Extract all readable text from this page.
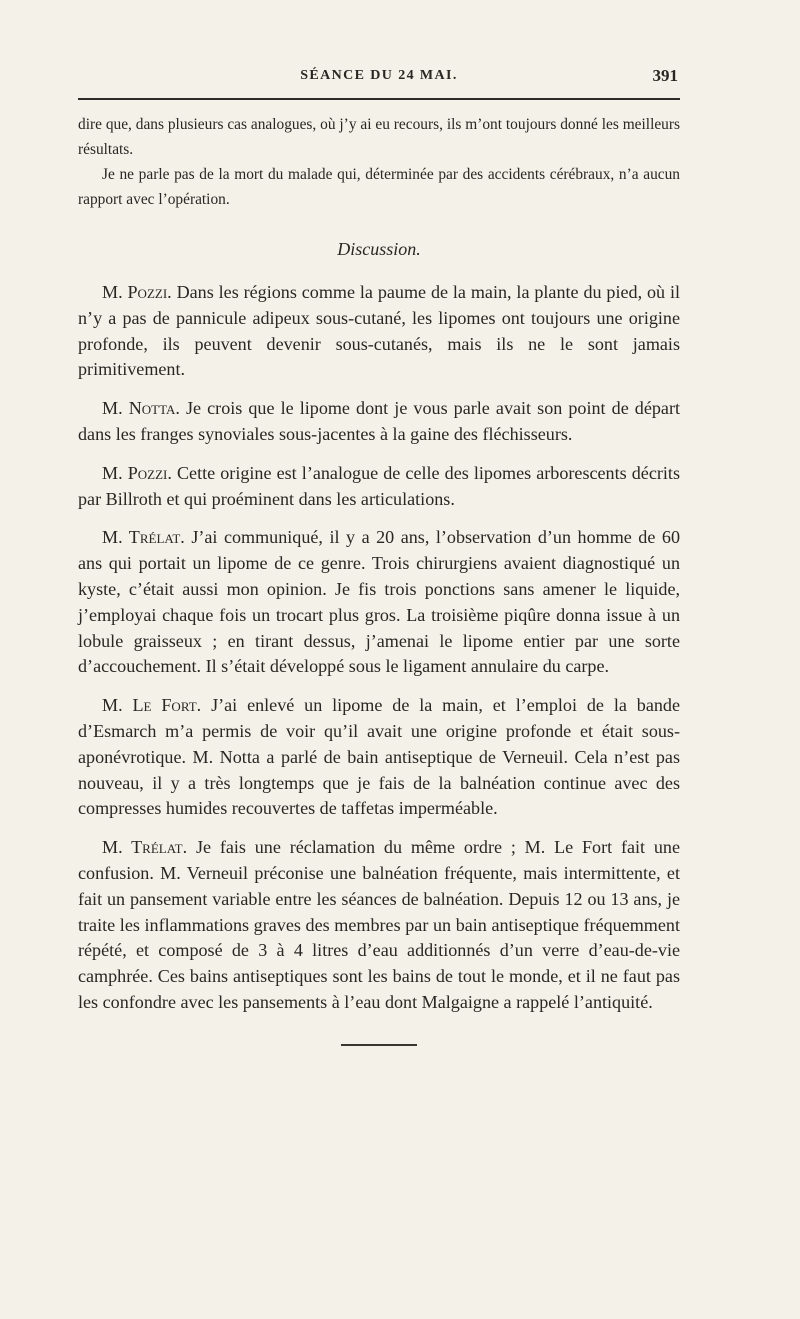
SÉANCE DU 24 MAI.	391

dire que, dans plusieurs cas analogues, où j’y ai eu recours, ils m’ont toujours donné les meilleurs résultats.

Je ne parle pas de la mort du malade qui, déterminée par des accidents cérébraux, n’a aucun rapport avec l’opération.

Discussion.

M. Pozzi. Dans les régions comme la paume de la main, la plante du pied, où il n’y a pas de pannicule adipeux sous-cutané, les lipomes ont toujours une origine profonde, ils peuvent devenir sous-cutanés, mais ils ne le sont jamais primitivement.

M. Notta. Je crois que le lipome dont je vous parle avait son point de départ dans les franges synoviales sous-jacentes à la gaine des fléchisseurs.

M. Pozzi. Cette origine est l’analogue de celle des lipomes arborescents décrits par Billroth et qui proéminent dans les articulations.

M. Trélat. J’ai communiqué, il y a 20 ans, l’observation d’un homme de 60 ans qui portait un lipome de ce genre. Trois chirurgiens avaient diagnostiqué un kyste, c’était aussi mon opinion. Je fis trois ponctions sans amener le liquide, j’employai chaque fois un trocart plus gros. La troisième piqûre donna issue à un lobule graisseux ; en tirant dessus, j’amenai le lipome entier par une sorte d’accouchement. Il s’était développé sous le ligament annulaire du carpe.

M. Le Fort. J’ai enlevé un lipome de la main, et l’emploi de la bande d’Esmarch m’a permis de voir qu’il avait une origine profonde et était sous-aponévrotique. M. Notta a parlé de bain antiseptique de Verneuil. Cela n’est pas nouveau, il y a très longtemps que je fais de la balnéation continue avec des compresses humides recouvertes de taffetas imperméable.

M. Trélat. Je fais une réclamation du même ordre ; M. Le Fort fait une confusion. M. Verneuil préconise une balnéation fréquente, mais intermittente, et fait un pansement variable entre les séances de balnéation. Depuis 12 ou 13 ans, je traite les inflammations graves des membres par un bain antiseptique fréquemment répété, et composé de 3 à 4 litres d’eau additionnés d’un verre d’eau-de-vie camphrée. Ces bains antiseptiques sont les bains de tout le monde, et il ne faut pas les confondre avec les pansements à l’eau dont Malgaigne a rappelé l’antiquité.
